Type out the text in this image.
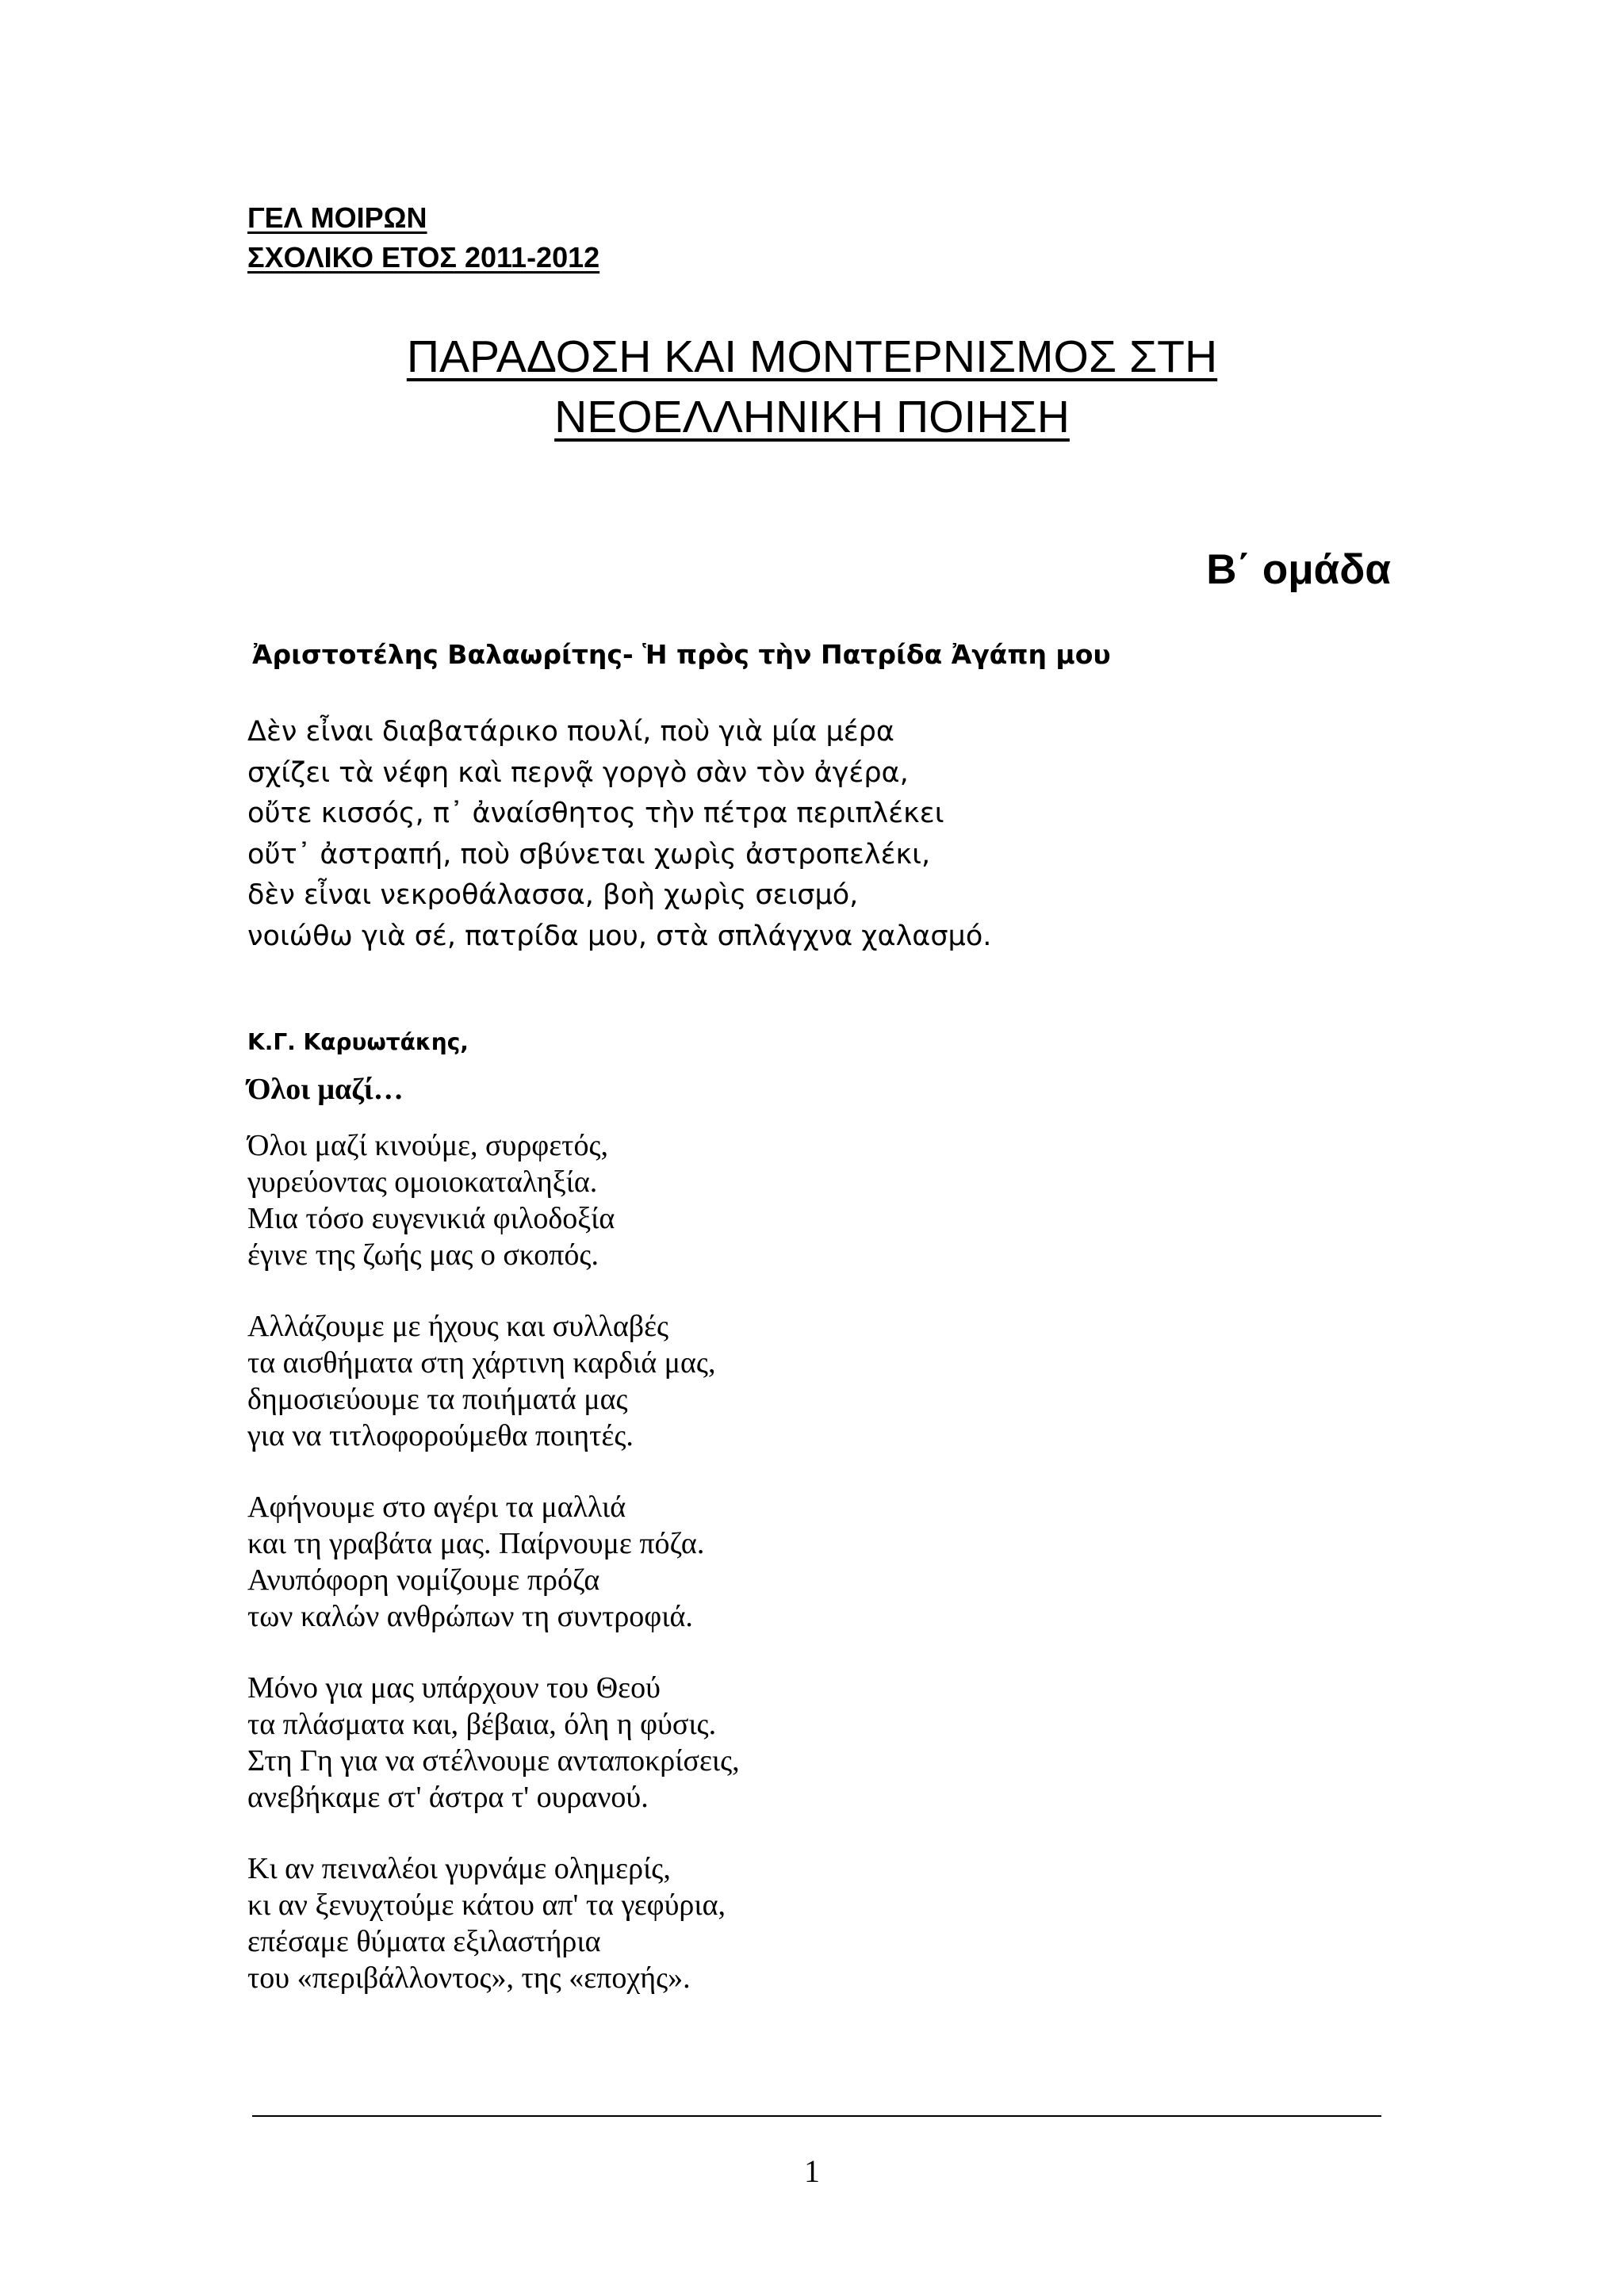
ΓΕΛ ΜΟΙΡΩΝ
ΣΧΟΛΙΚΟ ΕΤΟΣ 2011-2012
ΠΑΡΑΔΟΣΗ ΚΑΙ ΜΟΝΤΕΡΝΙΣΜΟΣ ΣΤΗ
ΝΕΟΕΛΛΗΝΙΚΗ ΠΟΙΗΣΗ
Β΄ ομάδα
Ἀριστοτέλης Βαλαωρίτης- Ἡ πρὸς τὴν Πατρίδα Ἀγάπη μου
Δὲν εἶναι διαβατάρικο πουλί, ποὺ γιὰ μία μέρα
σχίζει τὰ νέφη καὶ περνᾷ γοργὸ σὰν τὸν ἀγέρα,
οὔτε κισσός, π᾽ ἀναίσθητος τὴν πέτρα περιπλέκει
οὔτ᾽ ἀστραπή, ποὺ σβύνεται χωρὶς ἀστροπελέκι,
δὲν εἶναι νεκροθάλασσα, βοὴ χωρὶς σεισμό,
νοιώθω γιὰ σέ, πατρίδα μου, στὰ σπλάγχνα χαλασμό.
Κ.Γ. Καρυωτάκης,
Όλοι μαζί…
Όλοι μαζί κινούμε, συρφετός,
γυρεύοντας ομοιοκαταληξία.
Μια τόσο ευγενικιά φιλοδοξία
έγινε της ζωής μας ο σκοπός.
Αλλάζουμε με ήχους και συλλαβές
τα αισθήματα στη χάρτινη καρδιά μας,
δημοσιεύουμε τα ποιήματά μας
για να τιτλοφορούμεθα ποιητές.
Αφήνουμε στο αγέρι τα μαλλιά
και τη γραβάτα μας. Παίρνουμε πόζα.
Ανυπόφορη νομίζουμε πρόζα
των καλών ανθρώπων τη συντροφιά.
Μόνο για μας υπάρχουν του Θεού
τα πλάσματα και, βέβαια, όλη η φύσις.
Στη Γη για να στέλνουμε ανταποκρίσεις,
ανεβήκαμε στ' άστρα τ' ουρανού.
Κι αν πειναλέοι γυρνάμε ολημερίς,
κι αν ξενυχτούμε κάτου απ' τα γεφύρια,
επέσαμε θύματα εξιλαστήρια
του «περιβάλλοντος», της «εποχής».
1
